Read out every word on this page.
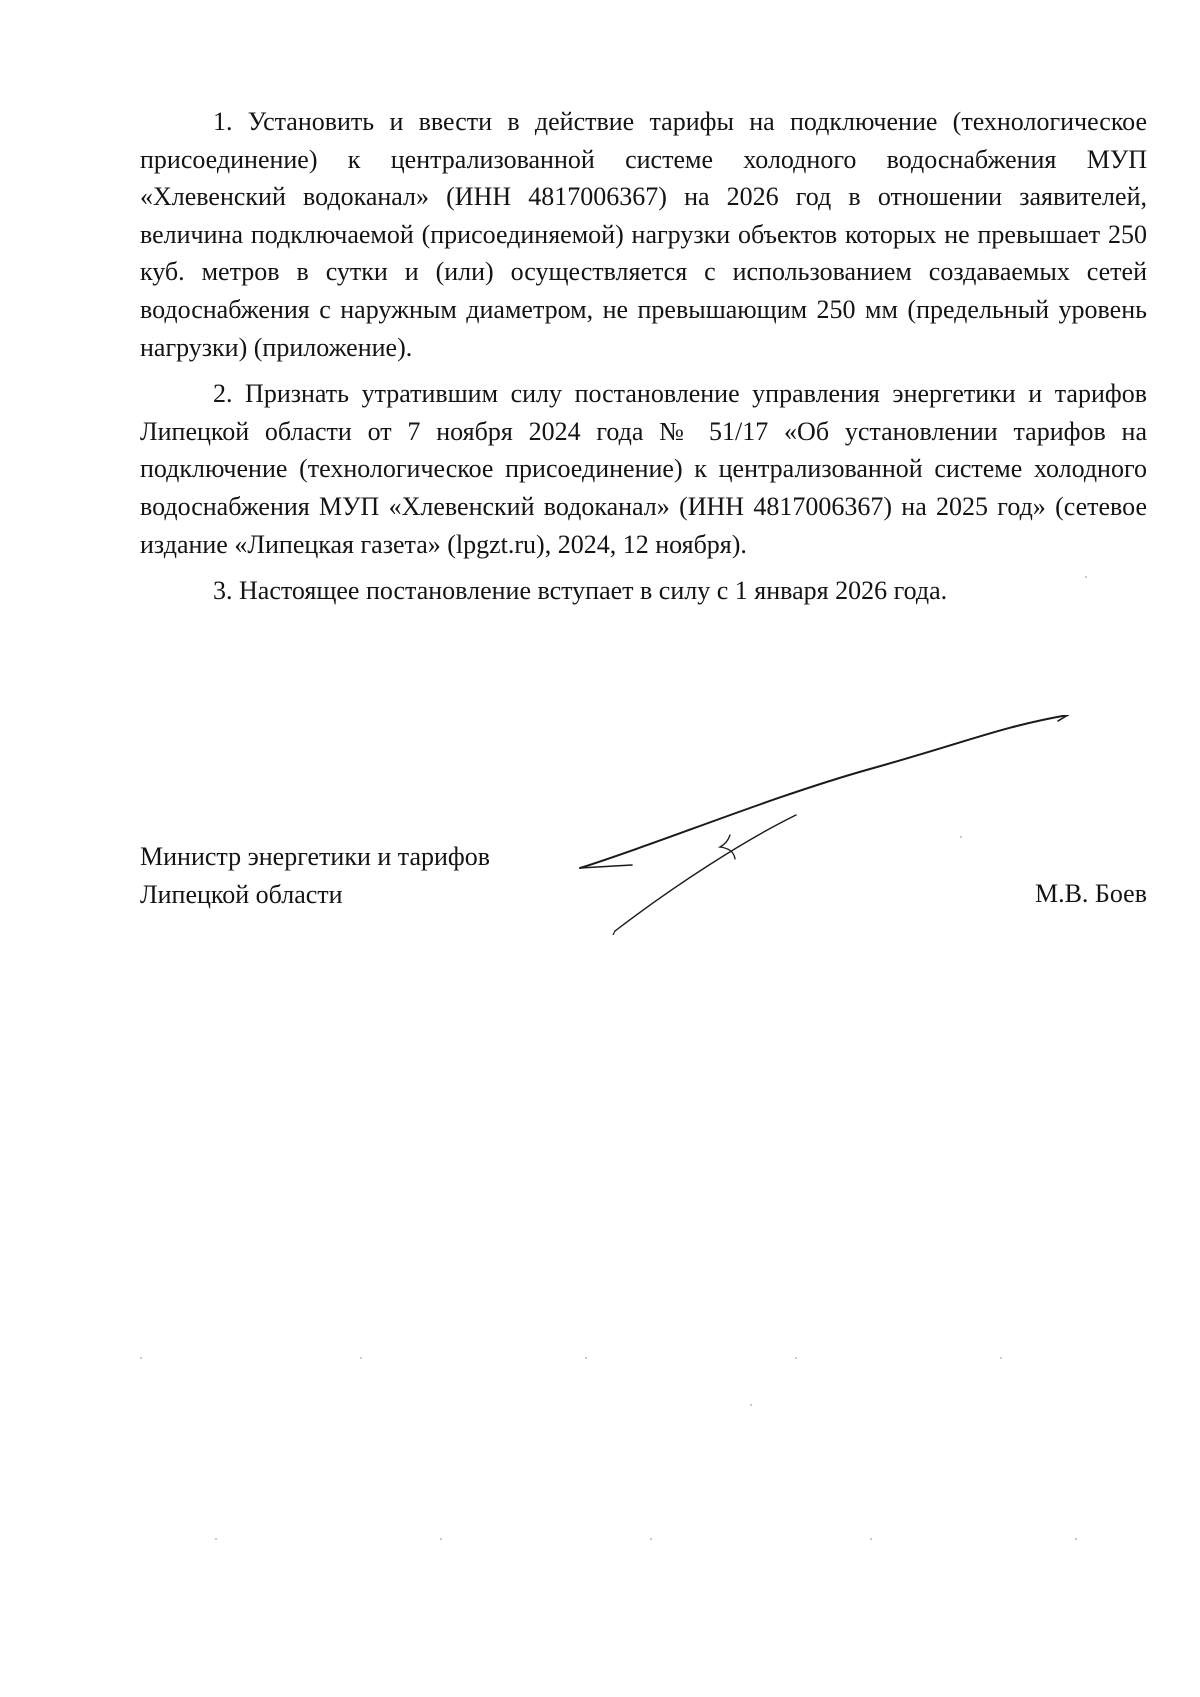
1. Установить и ввести в действие тарифы на подключение (технологическое присоединение) к централизованной системе холодного водоснабжения МУП «Хлевенский водоканал» (ИНН 4817006367) на 2026 год в отношении заявителей, величина подключаемой (присоединяемой) нагрузки объектов которых не превышает 250 куб. метров в сутки и (или) осуществляется с использованием создаваемых сетей водоснабжения с наружным диаметром, не превышающим 250 мм (предельный уровень нагрузки) (приложение).

2. Признать утратившим силу постановление управления энергетики и тарифов Липецкой области от 7 ноября 2024 года № 51/17 «Об установлении тарифов на подключение (технологическое присоединение) к централизованной системе холодного водоснабжения МУП «Хлевенский водоканал» (ИНН 4817006367) на 2025 год» (сетевое издание «Липецкая газета» (lpgzt.ru), 2024, 12 ноября).

3. Настоящее постановление вступает в силу с 1 января 2026 года.

Министр энергетики и тарифов
Липецкой области	М.В. Боев
